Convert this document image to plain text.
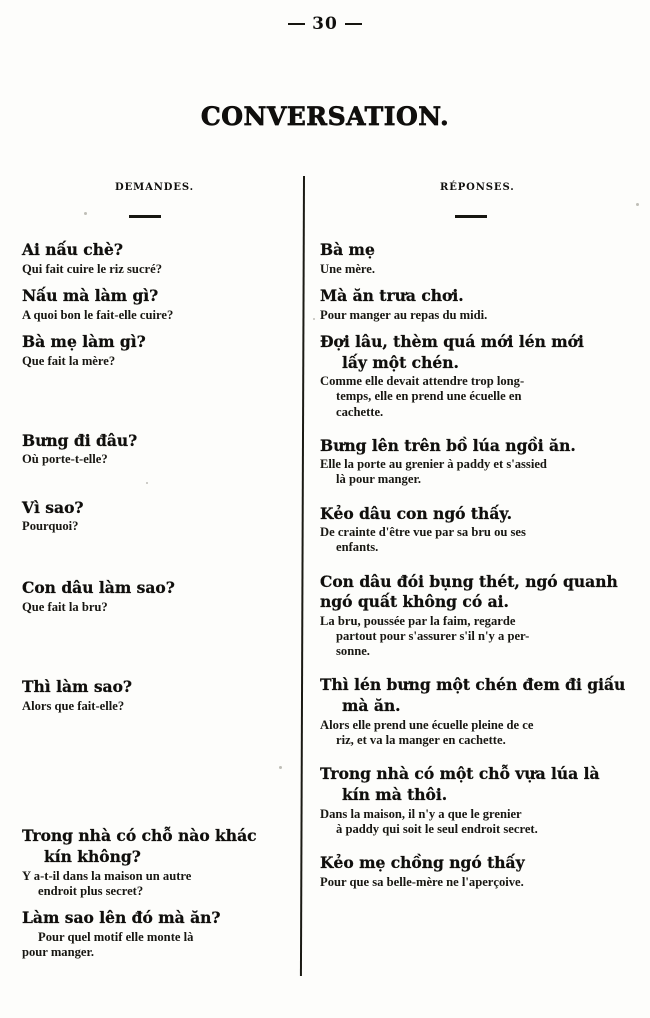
30
CONVERSATION.
DEMANDES.	RÉPONSES.

Ai nấu chè?

Qui fait cuire le riz sucré?

Nấu mà làm gì?

A quoi bon le fait-elle cuire?

Bà mẹ làm gì?

Que fait la mère?

Bưng đi đâu?

Où porte-t-elle?

Vì sao?

Pourquoi?

Con dâu làm sao?

Que fait la bru?

Thì làm sao?

Alors que fait-elle?

Trong nhà có chỗ nào khác
kín không?

Y a-t-il dans la maison un autre
endroit plus secret?

Làm sao lên đó mà ăn?

Pour quel motif elle monte là
pour manger.

Bà mẹ

Une mère.

Mà ăn trưa chơi.

Pour manger au repas du midi.

Đợi lâu, thèm quá mới lén mới
lấy một chén.

Comme elle devait attendre trop long-
temps, elle en prend une écuelle en
cachette.

Bưng lên trên bồ lúa ngồi ăn.

Elle la porte au grenier à paddy et s'assied
là pour manger.

Kẻo dâu con ngó thấy.

De crainte d'être vue par sa bru ou ses
enfants.

Con dâu đói bụng thét, ngó quanh
ngó quất không có ai.

La bru, poussée par la faim, regarde
partout pour s'assurer s'il n'y a per-
sonne.

Thì lén bưng một chén đem đi giấu
mà ăn.

Alors elle prend une écuelle pleine de ce
riz, et va la manger en cachette.

Trong nhà có một chỗ vựa lúa là
kín mà thôi.

Dans la maison, il n'y a que le grenier
à paddy qui soit le seul endroit secret.

Kẻo mẹ chồng ngó thấy

Pour que sa belle-mère ne l'aperçoive.
